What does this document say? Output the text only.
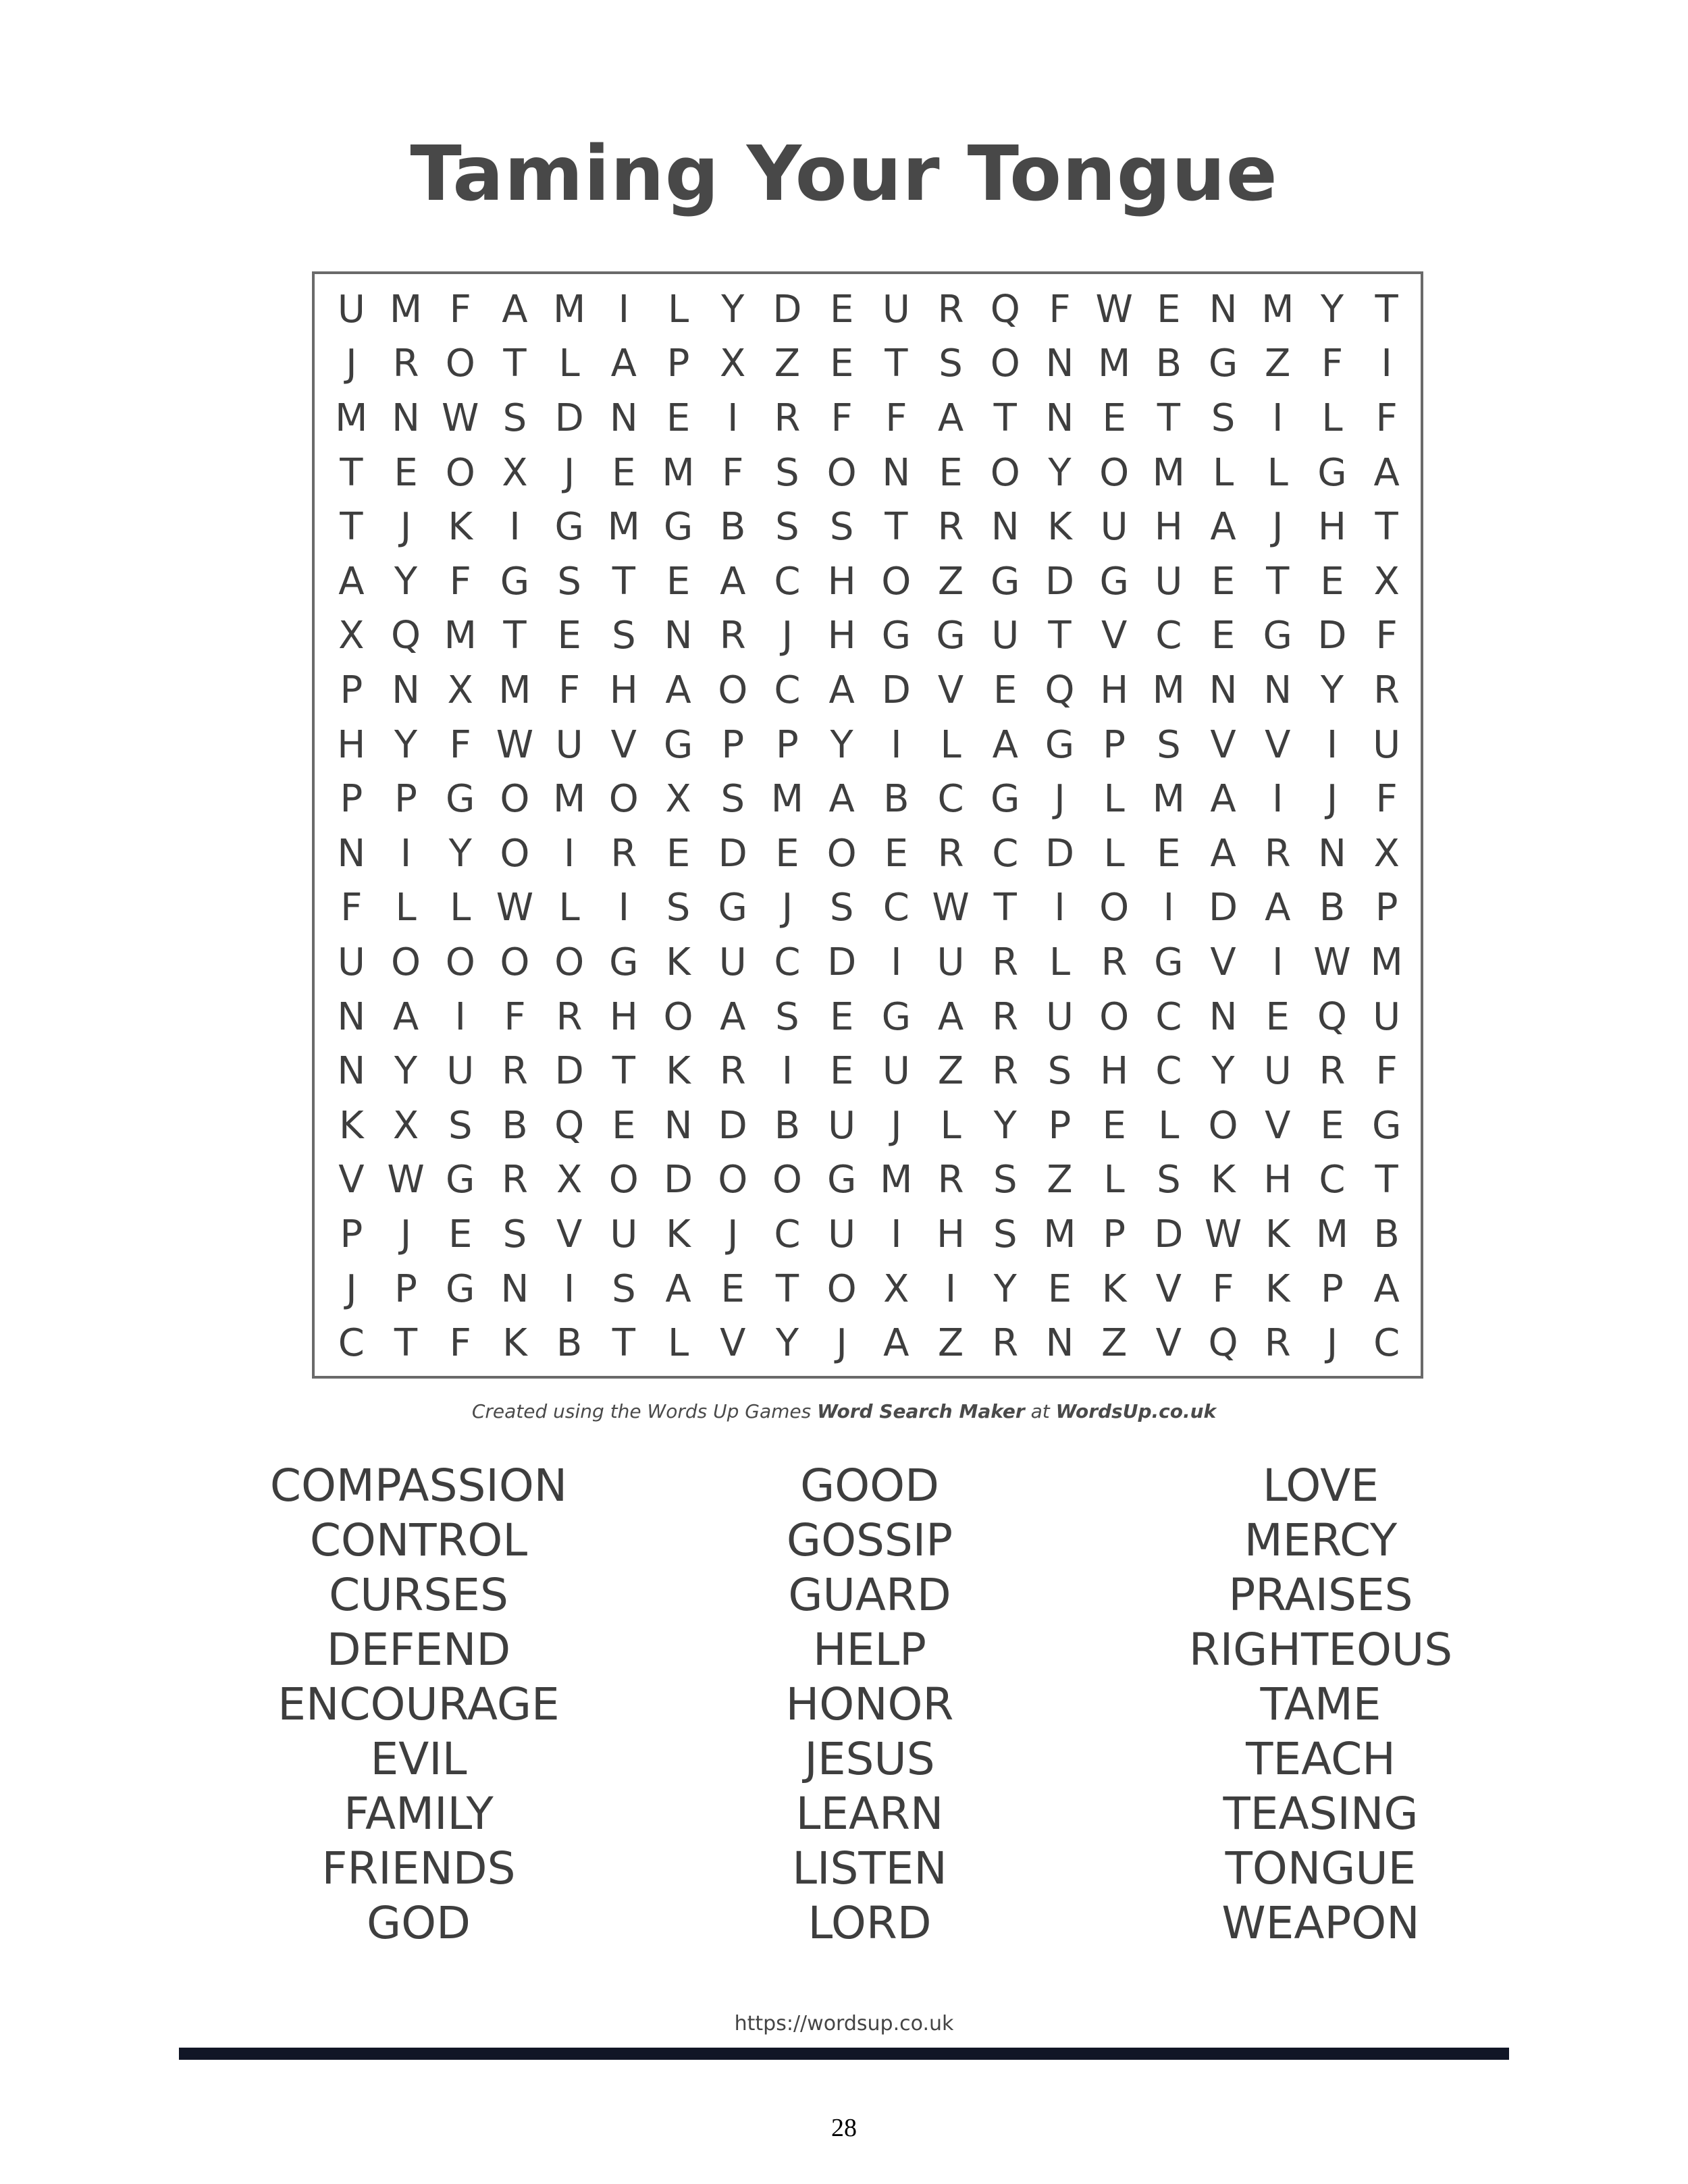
Taming Your Tongue
U M F A M I	L Y D E U R Q F W E N M Y T
J R O T L A P X Z E T S O N M B G Z F	I
M N W S D N E I R F F A T N E T S I	L F
T E O X J E M F S O N E O Y O M L L G A
T J K I G M G B S S T R N K U H A J H T
A Y F G S T E A C H O Z G D G U E T E X
X Q M T E S N R J H G G U T V C E G D F
P N X M F H A O C A D V E Q H M N N Y R
H Y F W U V G P P Y I	L A G P S V V I U
P P G O M O X S M A B C G J	L M A I	J	F
N I Y O I R E D E O E R C D L E A R N X
F L L W L	I S G J S C W T I O I D A B P
U O O O O G K U C D I U R L R G V I W M
N A I	F R H O A S E G A R U O C N E Q U
N Y U R D T K R I E U Z R S H C Y U R F
K X S B Q E N D B U J	L Y P E L O V E G
V W G R X O D O O G M R S Z L S K H C T
P J E S V U K J C U I H S M P D W K M B
J P G N I S A E T O X I Y E K V F K P A
C T F K B T L V Y J A Z R N Z V Q R J C
Created using the Words Up Games Word Search Maker at WordsUp.co.uk
COMPASSION
CONTROL
CURSES
DEFEND
ENCOURAGE
EVIL
FAMILY
FRIENDS
GOD
GOOD
GOSSIP
GUARD
HELP
HONOR
JESUS
LEARN
LISTEN
LORD
LOVE
MERCY
PRAISES
RIGHTEOUS
TAME
TEACH
TEASING
TONGUE
WEAPON
https://wordsup.co.uk
28
